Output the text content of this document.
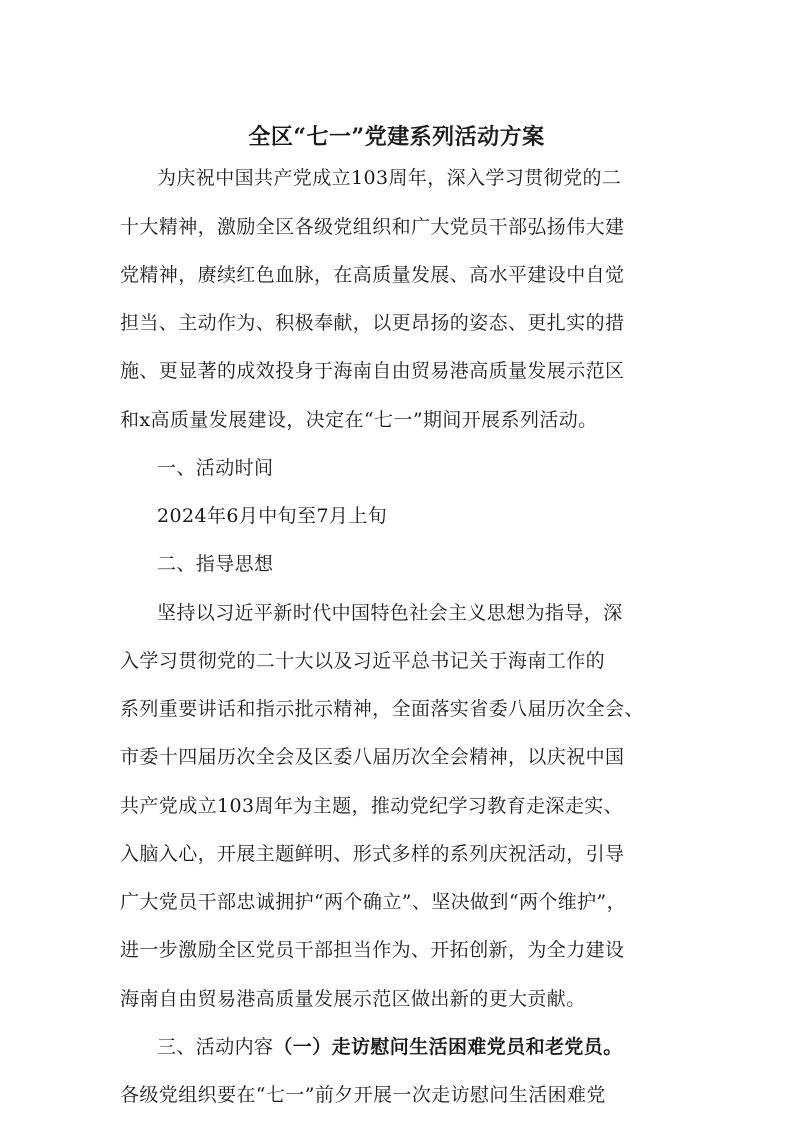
全区“七一”党建系列活动方案
为庆祝中国共产党成立103周年，深入学习贯彻党的二
十大精神，激励全区各级党组织和广大党员干部弘扬伟大建
党精神，赓续红色血脉，在高质量发展、高水平建设中自觉
担当、主动作为、积极奉献，以更昂扬的姿态、更扎实的措
施、更显著的成效投身于海南自由贸易港高质量发展示范区
和x高质量发展建设，决定在“七一”期间开展系列活动。
一、活动时间
2024年6月中旬至7月上旬
二、指导思想
坚持以习近平新时代中国特色社会主义思想为指导，深
入学习贯彻党的二十大以及习近平总书记关于海南工作的
系列重要讲话和指示批示精神，全面落实省委八届历次全会、
市委十四届历次全会及区委八届历次全会精神，以庆祝中国
共产党成立103周年为主题，推动党纪学习教育走深走实、
入脑入心，开展主题鲜明、形式多样的系列庆祝活动，引导
广大党员干部忠诚拥护“两个确立”、坚决做到“两个维护”，
进一步激励全区党员干部担当作为、开拓创新，为全力建设
海南自由贸易港高质量发展示范区做出新的更大贡献。
三、活动内容（一）走访慰问生活困难党员和老党员。
各级党组织要在“七一”前夕开展一次走访慰问生活困难党
